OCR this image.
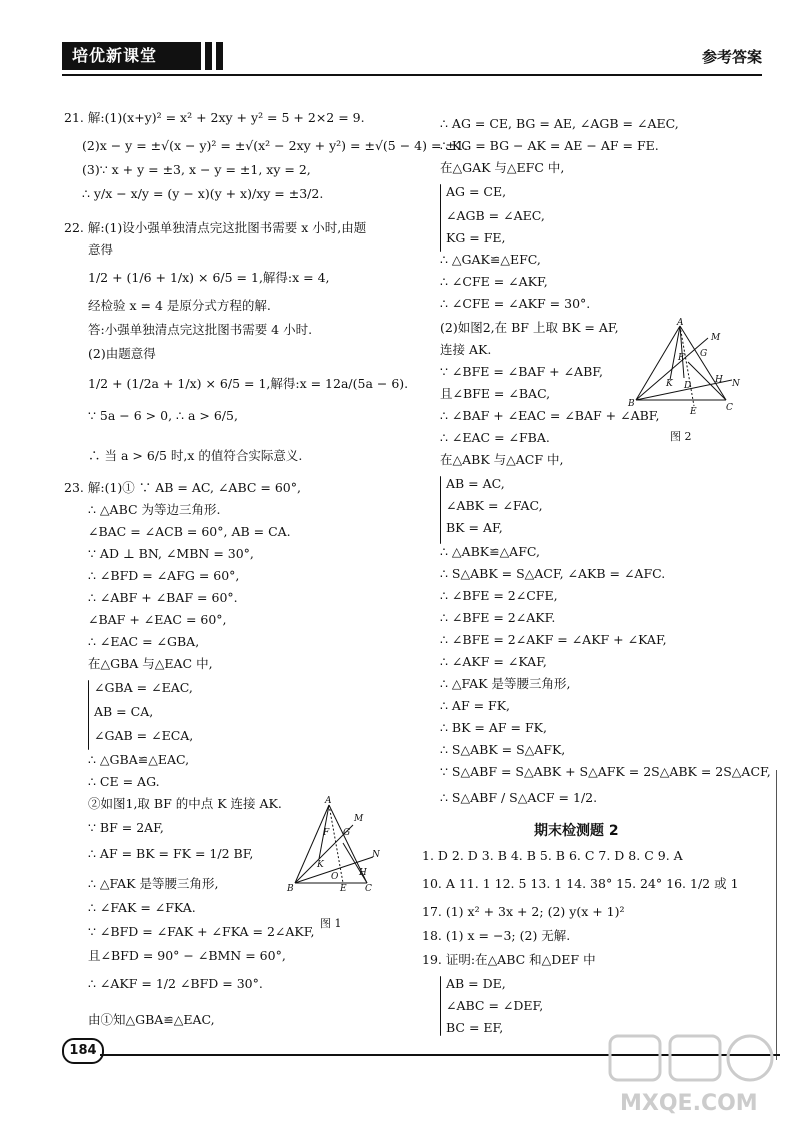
培优新课堂	参考答案
21. 解:(1)(x+y)² = x² + 2xy + y² = 5 + 2×2 = 9.
(2)x − y = ±√(x − y)² = ±√(x² − 2xy + y²) = ±√(5 − 4) = ±1.
(3)∵ x + y = ±3, x − y = ±1, xy = 2,
∴ y/x − x/y = (y − x)(y + x)/xy = ±3/2.
22. 解:(1)设小强单独清点完这批图书需要 x 小时,由题
意得
1/2 + (1/6 + 1/x) × 6/5 = 1,解得:x = 4,
经检验 x = 4 是原分式方程的解.
答:小强单独清点完这批图书需要 4 小时.
(2)由题意得
1/2 + (1/2a + 1/x) × 6/5 = 1,解得:x = 12a/(5a − 6).
∵ 5a − 6 > 0, ∴ a > 6/5,
∴ 当 a > 6/5 时,x 的值符合实际意义.
23. 解:(1)① ∵ AB = AC, ∠ABC = 60°,
∴ △ABC 为等边三角形.
∠BAC = ∠ACB = 60°, AB = CA.
∵ AD ⊥ BN, ∠MBN = 30°,
∴ ∠BFD = ∠AFG = 60°,
∴ ∠ABF + ∠BAF = 60°.
∠BAF + ∠EAC = 60°,
∴ ∠EAC = ∠GBA,
在△GBA 与△EAC 中,
∠GBA = ∠EAC,
AB = CA,
∠GAB = ∠ECA,
∴ △GBA≌△EAC,
∴ CE = AG.
②如图1,取 BF 的中点 K 连接 AK.
∵ BF = 2AF,
∴ AF = BK = FK = 1/2 BF,
∴ △FAK 是等腰三角形,
∴ ∠FAK = ∠FKA.
∵ ∠BFD = ∠FAK + ∠FKA = 2∠AKF,
且∠BFD = 90° − ∠BMN = 60°,
∴ ∠AKF = 1/2 ∠BFD = 30°.
由①知△GBA≌△EAC,
A
M
F G
K
N
H
B
O
E C
图 1
∴ AG = CE, BG = AE, ∠AGB = ∠AEC,
∴ KG = BG − AK = AE − AF = FE.
在△GAK 与△EFC 中,
AG = CE,
∠AGB = ∠AEC,
KG = FE,
∴ △GAK≌△EFC,
∴ ∠CFE = ∠AKF,
∴ ∠CFE = ∠AKF = 30°.
(2)如图2,在 BF 上取 BK = AF,
连接 AK.
∵ ∠BFE = ∠BAF + ∠ABF,
且∠BFE = ∠BAC,
∴ ∠BAF + ∠EAC = ∠BAF + ∠ABF,
∴ ∠EAC = ∠FBA.
在△ABK 与△ACF 中,
AB = AC,
∠ABK = ∠FAC,
BK = AF,
∴ △ABK≌△AFC,
∴ S△ABK = S△ACF, ∠AKB = ∠AFC.
∴ ∠BFE = 2∠CFE,
∴ ∠BFE = 2∠AKF.
∴ ∠BFE = 2∠AKF = ∠AKF + ∠KAF,
∴ ∠AKF = ∠KAF,
∴ △FAK 是等腰三角形,
∴ AF = FK,
∴ BK = AF = FK,
∴ S△ABK = S△AFK,
∵ S△ABF = S△ABK + S△AFK = 2S△ABK = 2S△ACF,
∴ S△ABF / S△ACF = 1/2.
期末检测题 2
1. D 2. D 3. B 4. B 5. B 6. C 7. D 8. C 9. A
10. A 11. 1 12. 5 13. 1 14. 38° 15. 24° 16. 1/2 或 1
17. (1) x² + 3x + 2; (2) y(x + 1)²
18. (1) x = −3; (2) 无解.
19. 证明:在△ABC 和△DEF 中
AB = DE,
∠ABC = ∠DEF,
BC = EF,
A
M
F G
K D
H N
B
E	C
图 2
184
MXQE.COM
